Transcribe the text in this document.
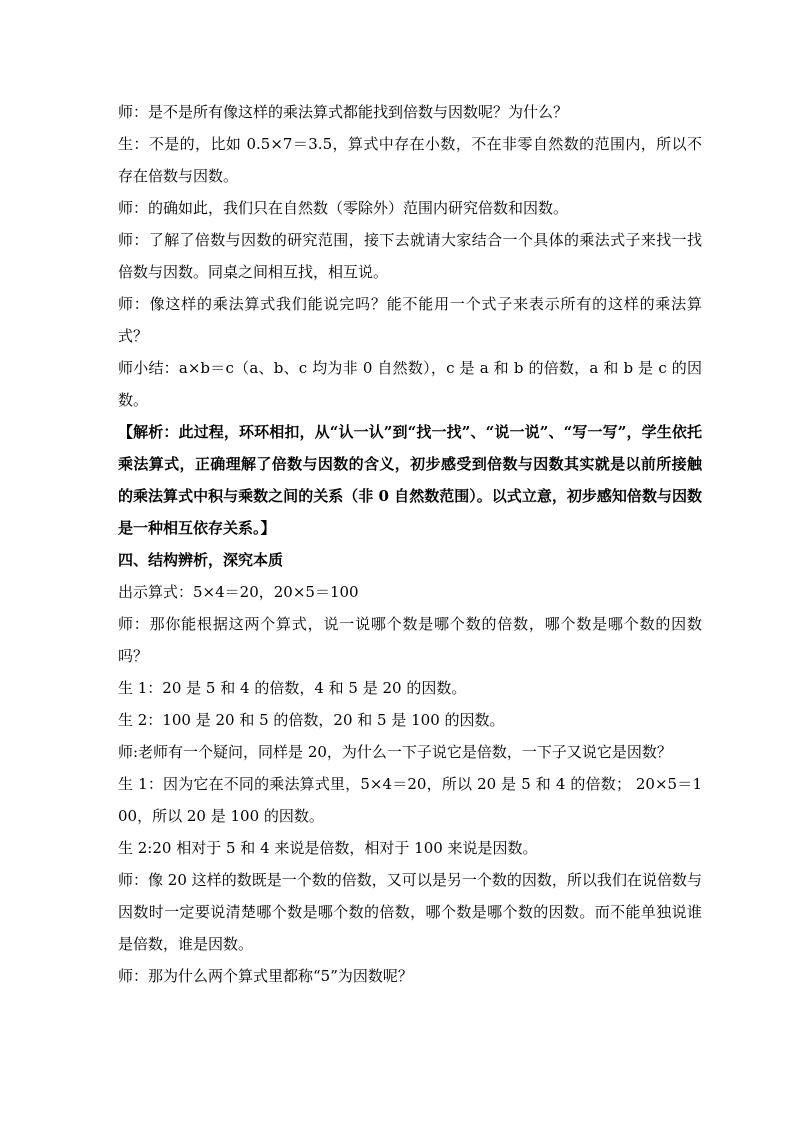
师：是不是所有像这样的乘法算式都能找到倍数与因数呢？为什么？

生：不是的，比如 0.5×7＝3.5，算式中存在小数，不在非零自然数的范围内，所以不存在倍数与因数。

师：的确如此，我们只在自然数（零除外）范围内研究倍数和因数。

师：了解了倍数与因数的研究范围，接下去就请大家结合一个具体的乘法式子来找一找倍数与因数。同桌之间相互找，相互说。

师：像这样的乘法算式我们能说完吗？能不能用一个式子来表示所有的这样的乘法算式？

师小结：a×b＝c（a、b、c 均为非 0 自然数），c 是 a 和 b 的倍数，a 和 b 是 c 的因数。

【解析：此过程，环环相扣，从“认一认”到“找一找”、“说一说”、“写一写”，学生依托乘法算式，正确理解了倍数与因数的含义，初步感受到倍数与因数其实就是以前所接触的乘法算式中积与乘数之间的关系（非 0 自然数范围）。以式立意，初步感知倍数与因数是一种相互依存关系。】

四、结构辨析，深究本质

出示算式：5×4＝20，20×5＝100

师：那你能根据这两个算式，说一说哪个数是哪个数的倍数，哪个数是哪个数的因数吗？

生 1：20 是 5 和 4 的倍数，4 和 5 是 20 的因数。

生 2：100 是 20 和 5 的倍数，20 和 5 是 100 的因数。

师:老师有一个疑问，同样是 20，为什么一下子说它是倍数，一下子又说它是因数？

生 1：因为它在不同的乘法算式里，5×4＝20，所以 20 是 5 和 4 的倍数； 20×5＝100，所以 20 是 100 的因数。

生 2:20 相对于 5 和 4 来说是倍数，相对于 100 来说是因数。

师：像 20 这样的数既是一个数的倍数，又可以是另一个数的因数，所以我们在说倍数与因数时一定要说清楚哪个数是哪个数的倍数，哪个数是哪个数的因数。而不能单独说谁是倍数，谁是因数。

师：那为什么两个算式里都称“5”为因数呢？
